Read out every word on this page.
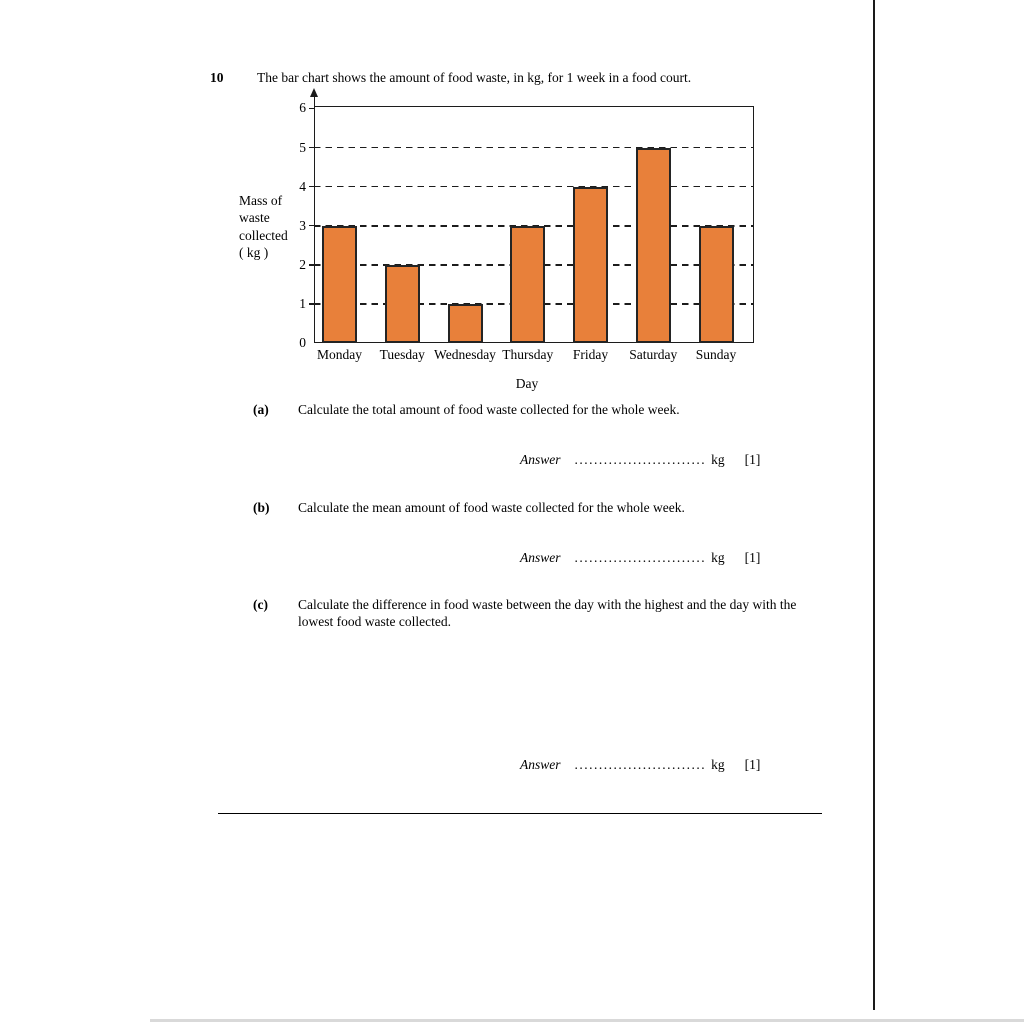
10 The bar chart shows the amount of food waste, in kg, for 1 week in a food court.
Mass of
waste
collected
( kg )
Day
0
1
2
3
4
5
6
Monday	Tuesday Wednesday Thursday	Friday	Saturday	Sunday
(a) Calculate the total amount of food waste collected for the whole week.
Answer ........................... kg [1]
(b) Calculate the mean amount of food waste collected for the whole week.
Answer ........................... kg [1]
(c) Calculate the difference in food waste between the day with the highest and the day with the lowest food waste collected.
Answer ........................... kg [1]
